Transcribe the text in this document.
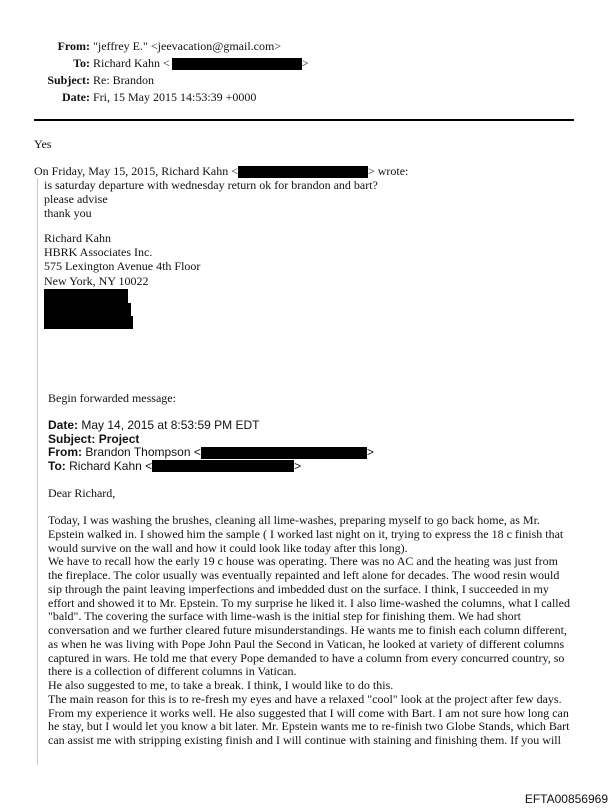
From: "jeffrey E." <jeevacation@gmail.com>
To: Richard Kahn <	>
Subject: Re: Brandon
Date: Fri, 15 May 2015 14:53:39 +0000
Yes
On Friday, May 15, 2015, Richard Kahn <	> wrote:
is saturday departure with wednesday return ok for brandon and bart?
please advise
thank you
Richard Kahn
HBRK Associates Inc.
575 Lexington Avenue 4th Floor
New York, NY 10022
Begin forwarded message:
Date: May 14, 2015 at 8:53:59 PM EDT
Subject: Project
From: Brandon Thompson <	>
To: Richard Kahn <	>
Dear Richard,
Today, I was washing the brushes, cleaning all lime-washes, preparing myself to go back home, as Mr.
Epstein walked in. I showed him the sample ( I worked last night on it, trying to express the 18 c finish that
would survive on the wall and how it could look like today after this long).
We have to recall how the early 19 c house was operating. There was no AC and the heating was just from
the fireplace. The color usually was eventually repainted and left alone for decades. The wood resin would
sip through the paint leaving imperfections and imbedded dust on the surface. I think, I succeeded in my
effort and showed it to Mr. Epstein. To my surprise he liked it. I also lime-washed the columns, what I called
"bald". The covering the surface with lime-wash is the initial step for finishing them. We had short
conversation and we further cleared future misunderstandings. He wants me to finish each column different,
as when he was living with Pope John Paul the Second in Vatican, he looked at variety of different columns
captured in wars. He told me that every Pope demanded to have a column from every concurred country, so
there is a collection of different columns in Vatican.
He also suggested to me, to take a break. I think, I would like to do this.
The main reason for this is to re-fresh my eyes and have a relaxed "cool" look at the project after few days.
From my experience it works well. He also suggested that I will come with Bart. I am not sure how long can
he stay, but I would let you know a bit later. Mr. Epstein wants me to re-finish two Globe Stands, which Bart
can assist me with stripping existing finish and I will continue with staining and finishing them. If you will
EFTA00856969
